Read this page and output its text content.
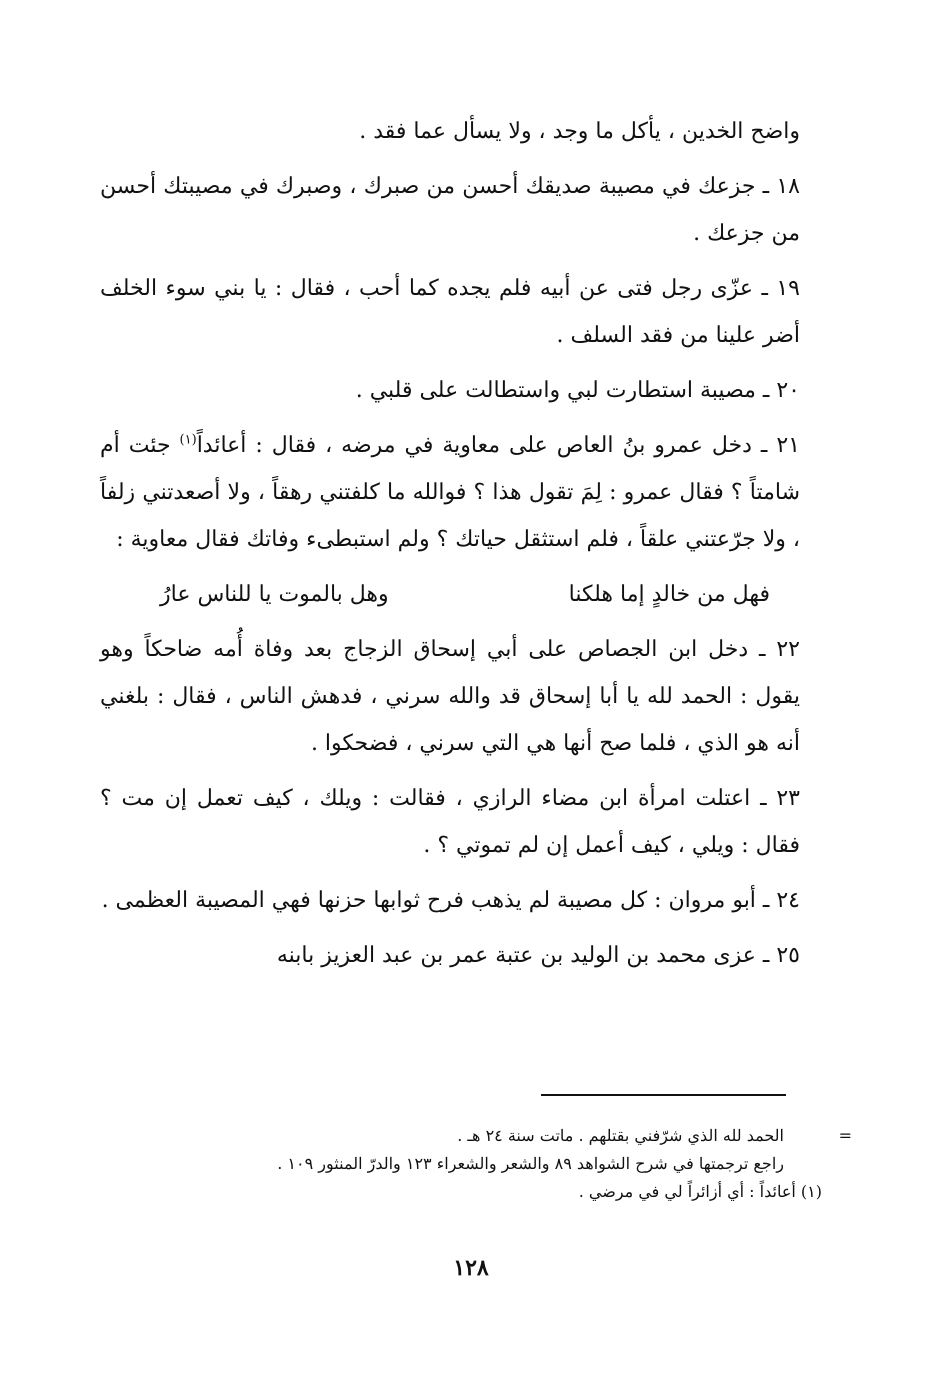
واضح الخدين ، يأكل ما وجد ، ولا يسأل عما فقد .

١٨ ـ جزعك في مصيبة صديقك أحسن من صبرك ، وصبرك في مصيبتك أحسن من جزعك .

١٩ ـ عزّى رجل فتى عن أبيه فلم يجده كما أحب ، فقال : يا بني سوء الخلف أضر علينا من فقد السلف .

٢٠ ـ مصيبة استطارت لبي واستطالت على قلبي .

٢١ ـ دخل عمرو بنُ العاص على معاوية في مرضه ، فقال : أعائداً$^{(١)}$ جئت أم شامتاً ؟ فقال عمرو : لِمَ تقول هذا ؟ فوالله ما كلفتني رهقاً ، ولا أصعدتني زلفاً ، ولا جرّعتني علقاً ، فلم استثقل حياتك ؟ ولم استبطىء وفاتك فقال معاوية :

فهل من خالدٍ إما هلكنا
وهل بالموت يا للناس عارُ

٢٢ ـ دخل ابن الجصاص على أبي إسحاق الزجاج بعد وفاة أُمه ضاحكاً وهو يقول : الحمد لله يا أبا إسحاق قد والله سرني ، فدهش الناس ، فقال : بلغني أنه هو الذي ، فلما صح أنها هي التي سرني ، فضحكوا .

٢٣ ـ اعتلت امرأة ابن مضاء الرازي ، فقالت : ويلك ، كيف تعمل إن مت ؟ فقال : ويلي ، كيف أعمل إن لم تموتي ؟ .

٢٤ ـ أبو مروان : كل مصيبة لم يذهب فرح ثوابها حزنها فهي المصيبة العظمى .

٢٥ ـ عزى محمد بن الوليد بن عتبة عمر بن عبد العزيز بابنه

=
الحمد لله الذي شرّفني بقتلهم . ماتت سنة ٢٤ هـ .

راجع ترجمتها في شرح الشواهد ٨٩ والشعر والشعراء ١٢٣ والدرّ المنثور ١٠٩ .

(١) أعائداً : أي أزائراً لي في مرضي .

١٢٨
